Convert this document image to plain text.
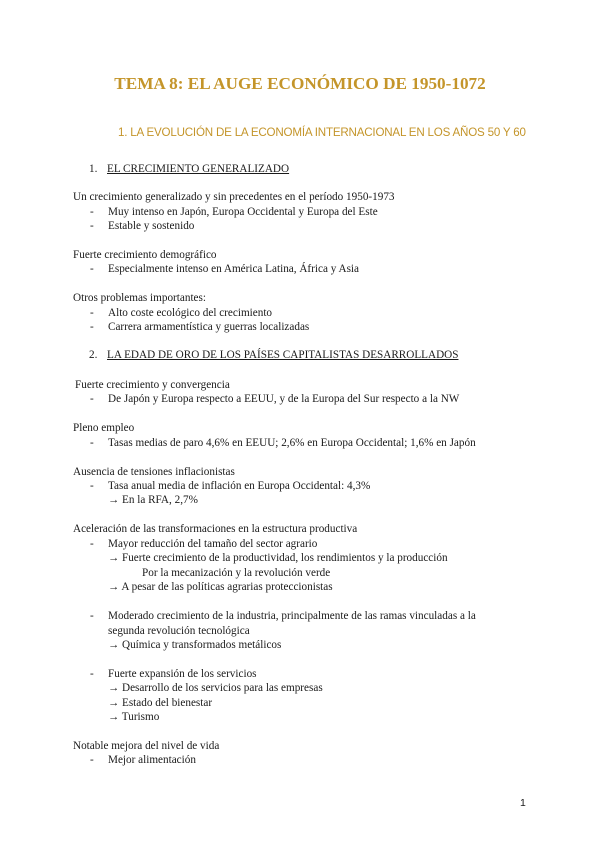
TEMA 8: EL AUGE ECONÓMICO DE 1950-1072
1. LA EVOLUCIÓN DE LA ECONOMÍA INTERNACIONAL EN LOS AÑOS 50 Y 60
1. EL CRECIMIENTO GENERALIZADO
Un crecimiento generalizado y sin precedentes en el período 1950-1973
- Muy intenso en Japón, Europa Occidental y Europa del Este
- Estable y sostenido
Fuerte crecimiento demográfico
- Especialmente intenso en América Latina, África y Asia
Otros problemas importantes:
- Alto coste ecológico del crecimiento
- Carrera armamentística y guerras localizadas
2. LA EDAD DE ORO DE LOS PAÍSES CAPITALISTAS DESARROLLADOS
Fuerte crecimiento y convergencia
- De Japón y Europa respecto a EEUU, y de la Europa del Sur respecto a la NW
Pleno empleo
- Tasas medias de paro 4,6% en EEUU; 2,6% en Europa Occidental; 1,6% en Japón
Ausencia de tensiones inflacionistas
- Tasa anual media de inflación en Europa Occidental: 4,3%
→ En la RFA, 2,7%
Aceleración de las transformaciones en la estructura productiva
- Mayor reducción del tamaño del sector agrario
→ Fuerte crecimiento de la productividad, los rendimientos y la producción
Por la mecanización y la revolución verde
→ A pesar de las políticas agrarias proteccionistas
- Moderado crecimiento de la industria, principalmente de las ramas vinculadas a la
segunda revolución tecnológica
→ Química y transformados metálicos
- Fuerte expansión de los servicios
→ Desarrollo de los servicios para las empresas
→ Estado del bienestar
→ Turismo
Notable mejora del nivel de vida
- Mejor alimentación
1
